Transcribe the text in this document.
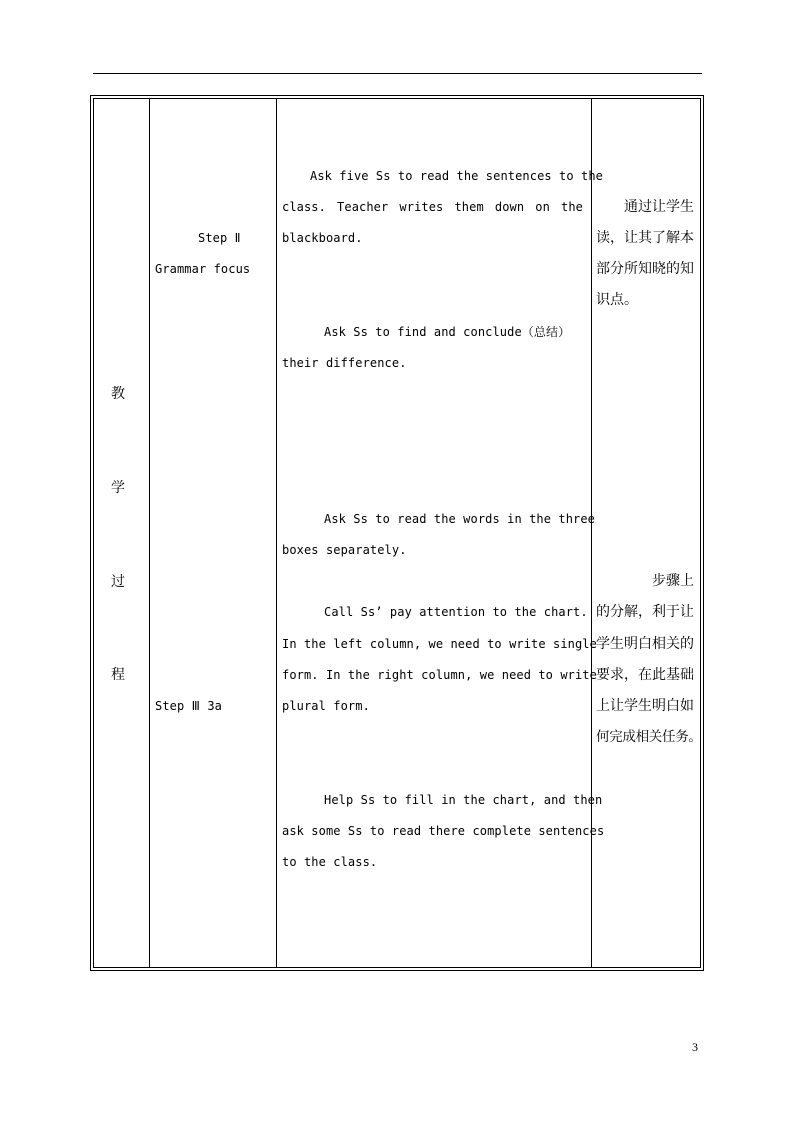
教
学
过
程
Step Ⅱ
Grammar focus
Step Ⅲ 3a
Ask five Ss to read the sentences to the
class. Teacher writes them down on the
blackboard.
Ask Ss to find and conclude（总结）
their difference.
Ask Ss to read the words in the three
boxes separately.
Call Ss’ pay attention to the chart.
In the left column, we need to write single
form. In the right column, we need to write
plural form.
Help Ss to fill in the chart, and then
ask some Ss to read there complete sentences
to the class.
通过让学生
读，让其了解本
部分所知晓的知
识点。
步骤上
的分解，利于让
学生明白相关的
要求，在此基础
上让学生明白如
何完成相关任务。
3
